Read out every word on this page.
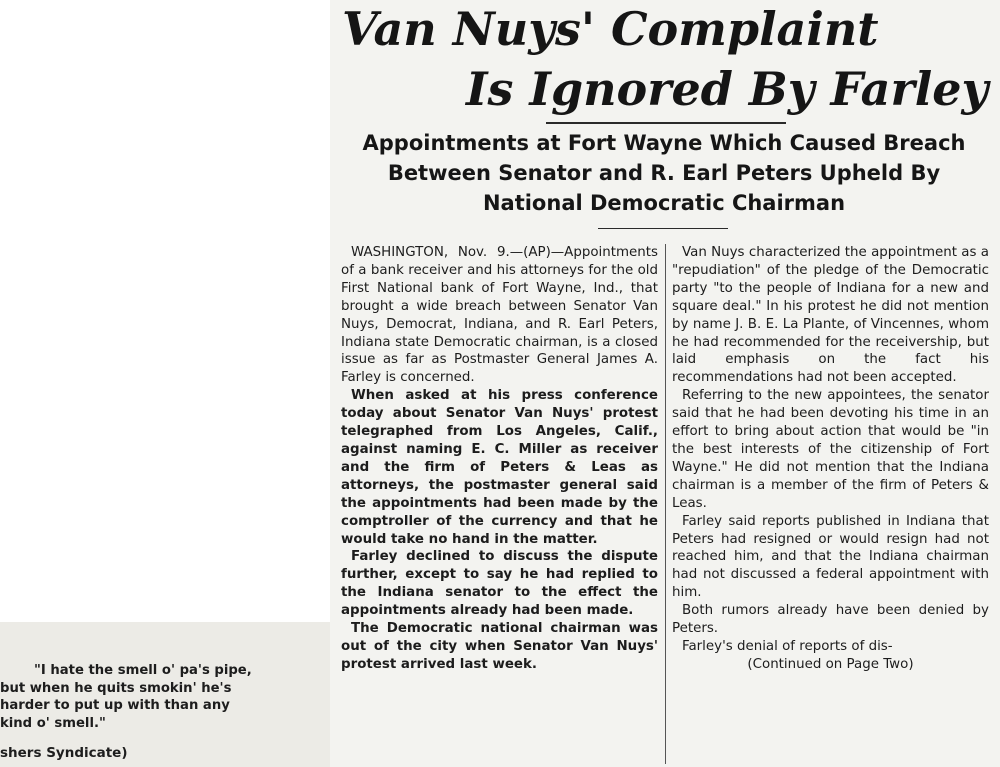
Van Nuys' Complaint
Is Ignored By Farley
Appointments at Fort Wayne Which Caused Breach
Between Senator and R. Earl Peters Upheld By
National Democratic Chairman

WASHINGTON, Nov. 9.—(AP)—Appointments of a bank receiver and his attorneys for the old First National bank of Fort Wayne, Ind., that brought a wide breach between Senator Van Nuys, Democrat, Indiana, and R. Earl Peters, Indiana state Democratic chairman, is a closed issue as far as Postmaster General James A. Farley is concerned.

When asked at his press conference today about Senator Van Nuys' protest telegraphed from Los Angeles, Calif., against naming E. C. Miller as receiver and the firm of Peters & Leas as attorneys, the postmaster general said the appointments had been made by the comptroller of the currency and that he would take no hand in the matter.

Farley declined to discuss the dispute further, except to say he had replied to the Indiana senator to the effect the appointments already had been made.

The Democratic national chairman was out of the city when Senator Van Nuys' protest arrived last week.

Van Nuys characterized the appointment as a "repudiation" of the pledge of the Democratic party "to the people of Indiana for a new and square deal." In his protest he did not mention by name J. B. E. La Plante, of Vincennes, whom he had recommended for the receivership, but laid emphasis on the fact his recommendations had not been accepted.

Referring to the new appointees, the senator said that he had been devoting his time in an effort to bring about action that would be "in the best interests of the citizenship of Fort Wayne." He did not mention that the Indiana chairman is a member of the firm of Peters & Leas.

Farley said reports published in Indiana that Peters had resigned or would resign had not reached him, and that the Indiana chairman had not discussed a federal appointment with him.

Both rumors already have been denied by Peters.

Farley's denial of reports of dis-

(Continued on Page Two)

"I hate the smell o' pa's pipe,
but when he quits smokin' he's
harder to put up with than any
kind o' smell."

shers Syndicate)
